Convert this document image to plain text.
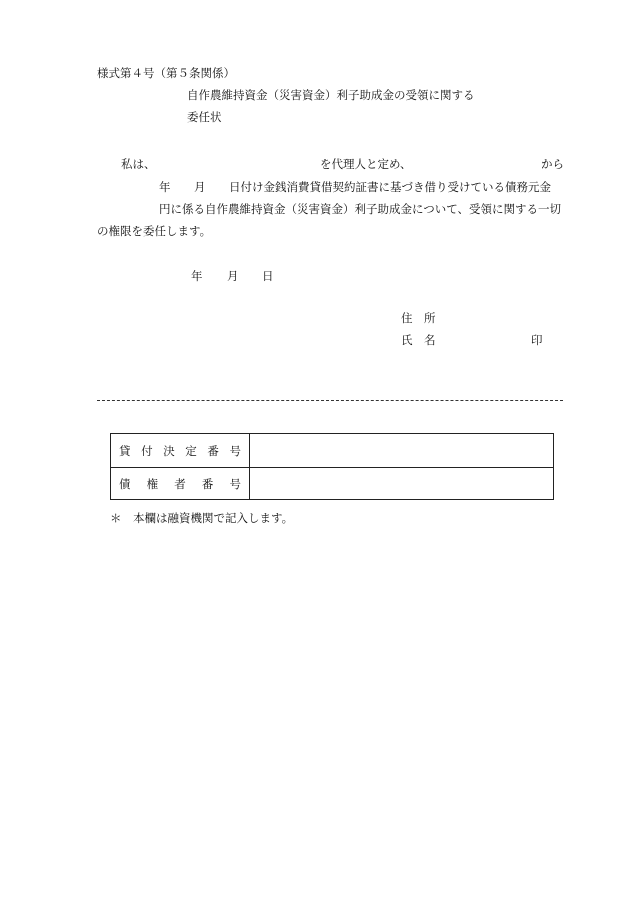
様式第４号（第５条関係）
自作農維持資金（災害資金）利子助成金の受領に関する
委任状
私は、	を代理人と定め、	から
年 月 日付け金銭消費貸借契約証書に基づき借り受けている債務元金
円に係る自作農維持資金（災害資金）利子助成金について、受領に関する一切
の権限を委任します。
年 月 日
住　所
氏　名	印
貸 付 決 定 番 号
債 権 者 番 号
＊ 本欄は融資機関で記入します。
